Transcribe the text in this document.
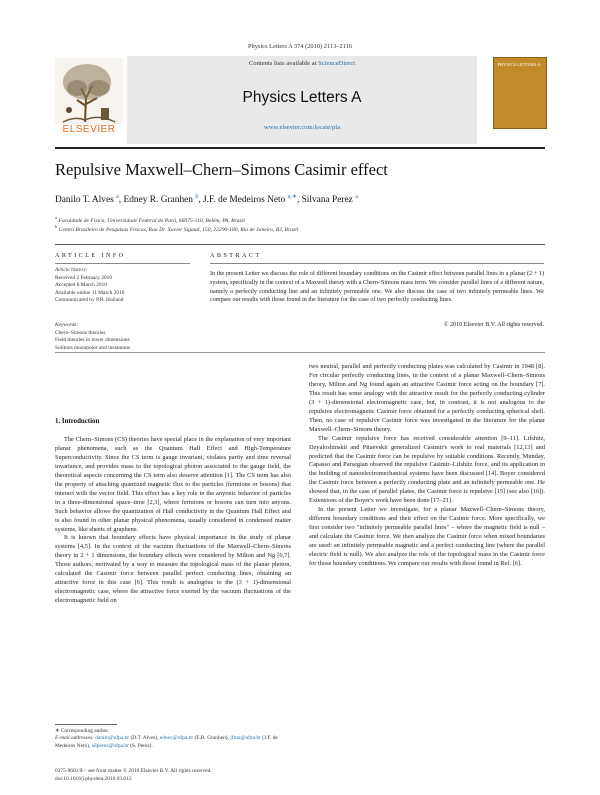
Physics Letters A 374 (2010) 2113–2116
Contents lists available at ScienceDirect
Physics Letters A
www.elsevier.com/locate/pla
ELSEVIER
PHYSICS LETTERS A
Repulsive Maxwell–Chern–Simons Casimir effect
Danilo T. Alves $^a$, Edney R. Granhen $^b$, J.F. de Medeiros Neto $^{a,∗}$, Silvana Perez $^a$
$^a$ Faculdade de Física, Universidade Federal do Pará, 66075-110, Belém, PA, Brazil
$^b$ Centro Brasileiro de Pesquisas Físicas, Rua Dr. Xavier Sigaud, 150, 22290-180, Rio de Janeiro, RJ, Brazil
ARTICLE INFO
Article history:
Received 2 February 2010
Accepted 8 March 2010
Available online 11 March 2010
Communicated by P.R. Holland
Keywords:
Chern–Simons theories
Field theories in lower dimensions
Solitons monopoles and instantons
ABSTRACT
In the present Letter we discuss the role of different boundary conditions on the Casimir effect between parallel lines in a planar (2 + 1) system, specifically in the context of a Maxwell theory with a Chern–Simons mass term. We consider parallel lines of a different nature, namely a perfectly conducting line and an infinitely permeable one. We also discuss the case of two infinitely permeable lines. We compare our results with those found in the literature for the case of two perfectly conducting lines.
© 2010 Elsevier B.V. All rights reserved.
1. Introduction

The Chern–Simons (CS) theories have special place in the explanation of very important planar phenomena, such as the Quantum Hall Effect and High-Temperature Superconductivity. Since the CS term is gauge invariant, violates parity and time reversal invariance, and provides mass to the topological photon associated to the gauge field, the theoretical aspects concerning the CS term also deserve attention [1]. The CS term has also the property of attaching quantized magnetic flux to the particles (fermions or bosons) that interact with the vector field. This effect has a key role in the anyonic behavior of particles in a three-dimensional space–time [2,3], where fermions or bosons can turn into anyons. Such behavior allows the quantization of Hall conductivity in the Quantum Hall Effect and is also found in other planar physical phenomena, usually considered in condensed matter systems, like sheets of graphene.

It is known that boundary effects have physical importance in the study of planar systems [4,5]. In the context of the vacuum fluctuations of the Maxwell–Chern–Simons theory in 2 + 1 dimensions, the boundary effects were considered by Milton and Ng [6,7]. Those authors, motivated by a way to measure the topological mass of the planar photon, calculated the Casimir force between parallel perfect conducting lines, obtaining an attractive force in this case [6]. This result is analogous to the (3 + 1)-dimensional electromagnetic case, where the attractive force exerted by the vacuum fluctuations of the electromagnetic field on

two neutral, parallel and perfectly conducting plates was calculated by Casimir in 1948 [8]. For circular perfectly conducting lines, in the context of a planar Maxwell–Chern–Simons theory, Milton and Ng found again an attractive Casimir force acting on the boundary [7]. This result has some analogy with the attractive result for the perfectly conducting cylinder (3 + 1)-dimensional electromagnetic case, but, in contrast, it is not analogous to the repulsive electromagnetic Casimir force obtained for a perfectly conducting spherical shell. Then, no case of repulsive Casimir force was investigated in the literature for the planar Maxwell–Chern–Simons theory.

The Casimir repulsive force has received considerable attention [9–11]. Lifshitz, Dzyaloshinskii and Pitaevskii generalized Casimir's work to real materials [12,13] and predicted that the Casimir force can be repulsive by suitable conditions. Recently, Munday, Capasso and Parsegian observed the repulsive Casimir–Lifshitz force, and its application in the building of nanoelectromechanical systems have been discussed [14]. Boyer considered the Casimir force between a perfectly conducting plate and an infinitely permeable one. He showed that, in the case of parallel plates, the Casimir force is repulsive [15] (see also [16]). Extensions of the Boyer's work have been done [17–21].

In the present Letter we investigate, for a planar Maxwell–Chern–Simons theory, different boundary conditions and their effect on the Casimir force. More specifically, we first consider two "infinitely permeable parallel lines" – where the magnetic field is null – and calculate the Casimir force. We then analyze the Casimir force when mixed boundaries are used: an infinitely permeable magnetic and a perfect conducting line (where the parallel electric field is null). We also analyze the role of the topological mass in the Casimir force for those boundary conditions. We compare our results with those found in Ref. [6].

∗ Corresponding author.
E-mail addresses: danilo@ufpa.br (D.T. Alves), edney@ufpa.br (E.R. Granhen), jfmn@ufpa.br (J.F. de Medeiros Neto), silperez@ufpa.br (S. Perez).
0375-9601/$ – see front matter © 2010 Elsevier B.V. All rights reserved.
doi:10.1016/j.physleta.2010.03.012
